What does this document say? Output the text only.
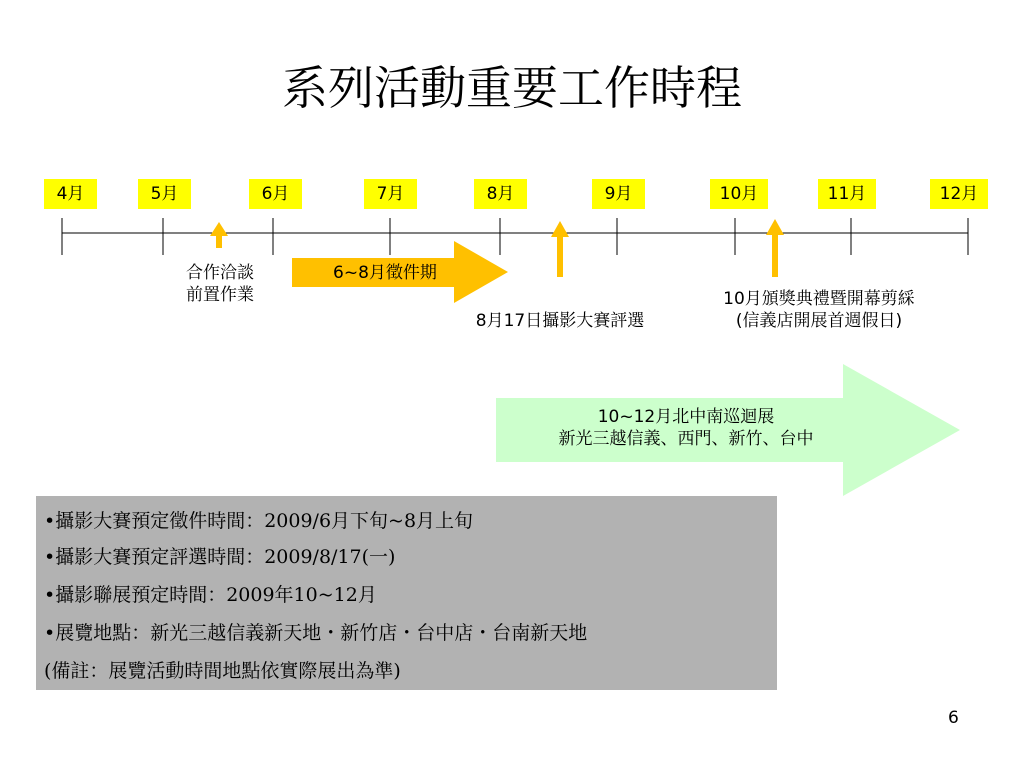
系列活動重要工作時程
4月	5月	6月	7月	8月	9月	10月	11月	12月
合作洽談
前置作業
6~8月徵件期
8月17日攝影大賽評選
10月頒獎典禮暨開幕剪綵
(信義店開展首週假日)
10~12月北中南巡迴展
新光三越信義、西門、新竹、台中
•攝影大賽預定徵件時間：2009/6月下旬~8月上旬
•攝影大賽預定評選時間：2009/8/17(一)
•攝影聯展預定時間：2009年10~12月
•展覽地點：新光三越信義新天地・新竹店・台中店・台南新天地
(備註：展覽活動時間地點依實際展出為準)
6
